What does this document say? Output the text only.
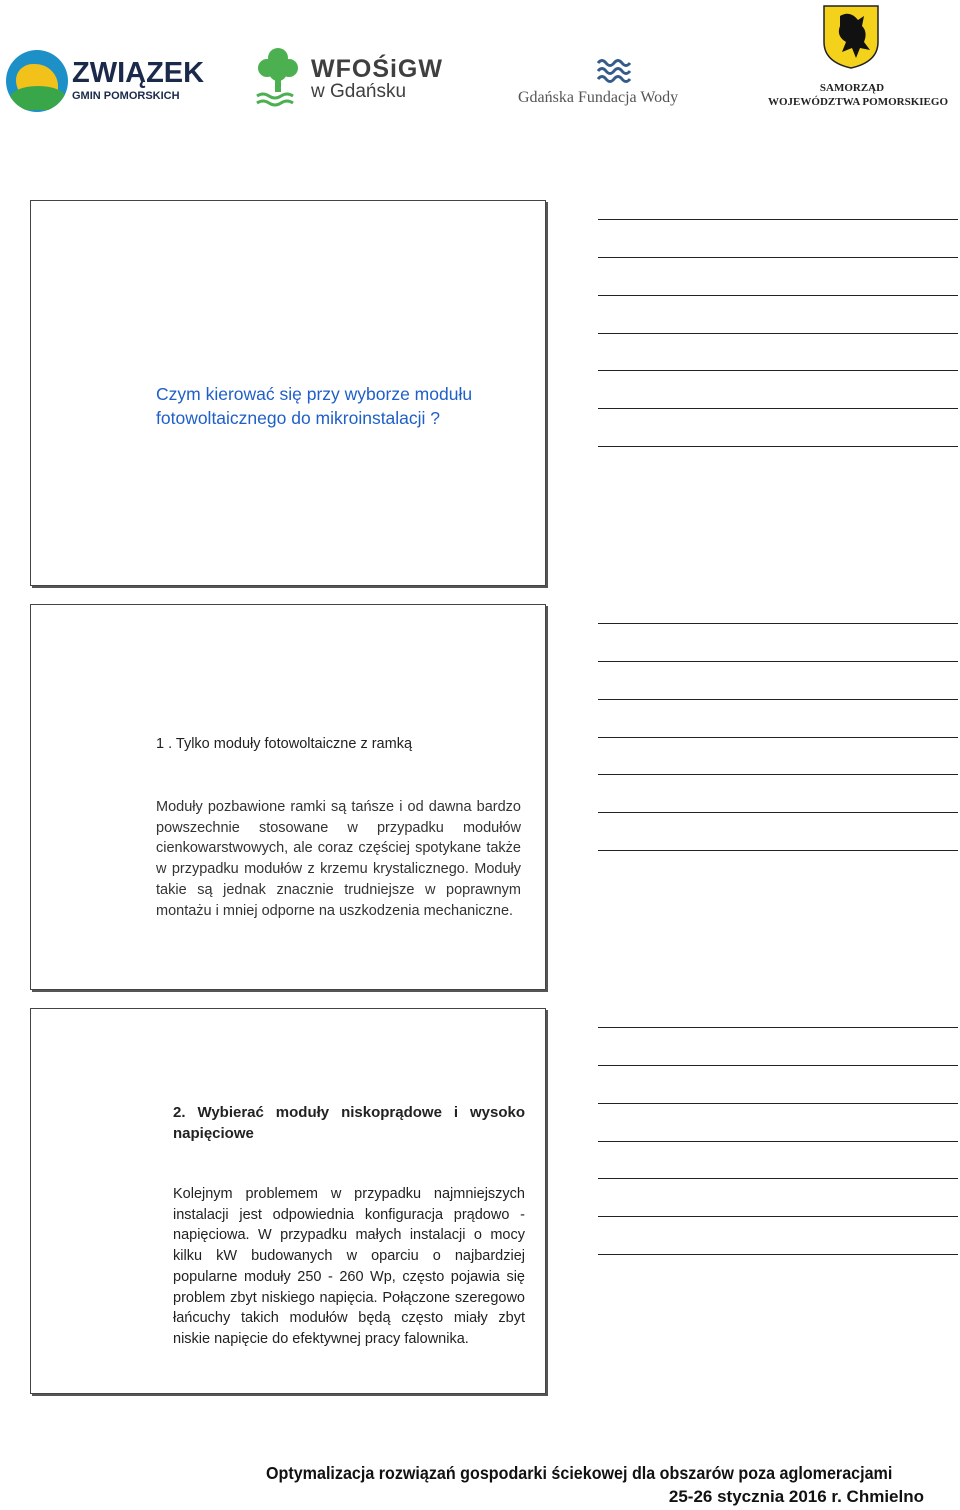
ZWIĄZEK
GMIN POMORSKICH
WFOŚiGW
w Gdańsku	Gdańska Fundacja Wody
SAMORZĄD
WOJEWÓDZTWA POMORSKIEGO
Czym kierować się przy wyborze modułu fotowoltaicznego do mikroinstalacji ?
1 . Tylko moduły fotowoltaiczne z ramką
Moduły pozbawione ramki są tańsze i od dawna bardzo powszechnie stosowane w przypadku modułów cienkowarstwowych, ale coraz częściej spotykane także w przypadku modułów z krzemu krystalicznego. Moduły takie są jednak znacznie trudniejsze w poprawnym montażu i mniej odporne na uszkodzenia mechaniczne.
2. Wybierać moduły niskoprądowe i wysoko napięciowe
Kolejnym problemem w przypadku najmniejszych instalacji jest odpowiednia konfiguracja prądowo - napięciowa. W przypadku małych instalacji o mocy kilku kW budowanych w oparciu o najbardziej popularne moduły 250 - 260 Wp, często pojawia się problem zbyt niskiego napięcia. Połączone szeregowo łańcuchy takich modułów będą często miały zbyt niskie napięcie do efektywnej pracy falownika.
Optymalizacja rozwiązań gospodarki ściekowej dla obszarów poza aglomeracjami
25-26 stycznia 2016 r. Chmielno
